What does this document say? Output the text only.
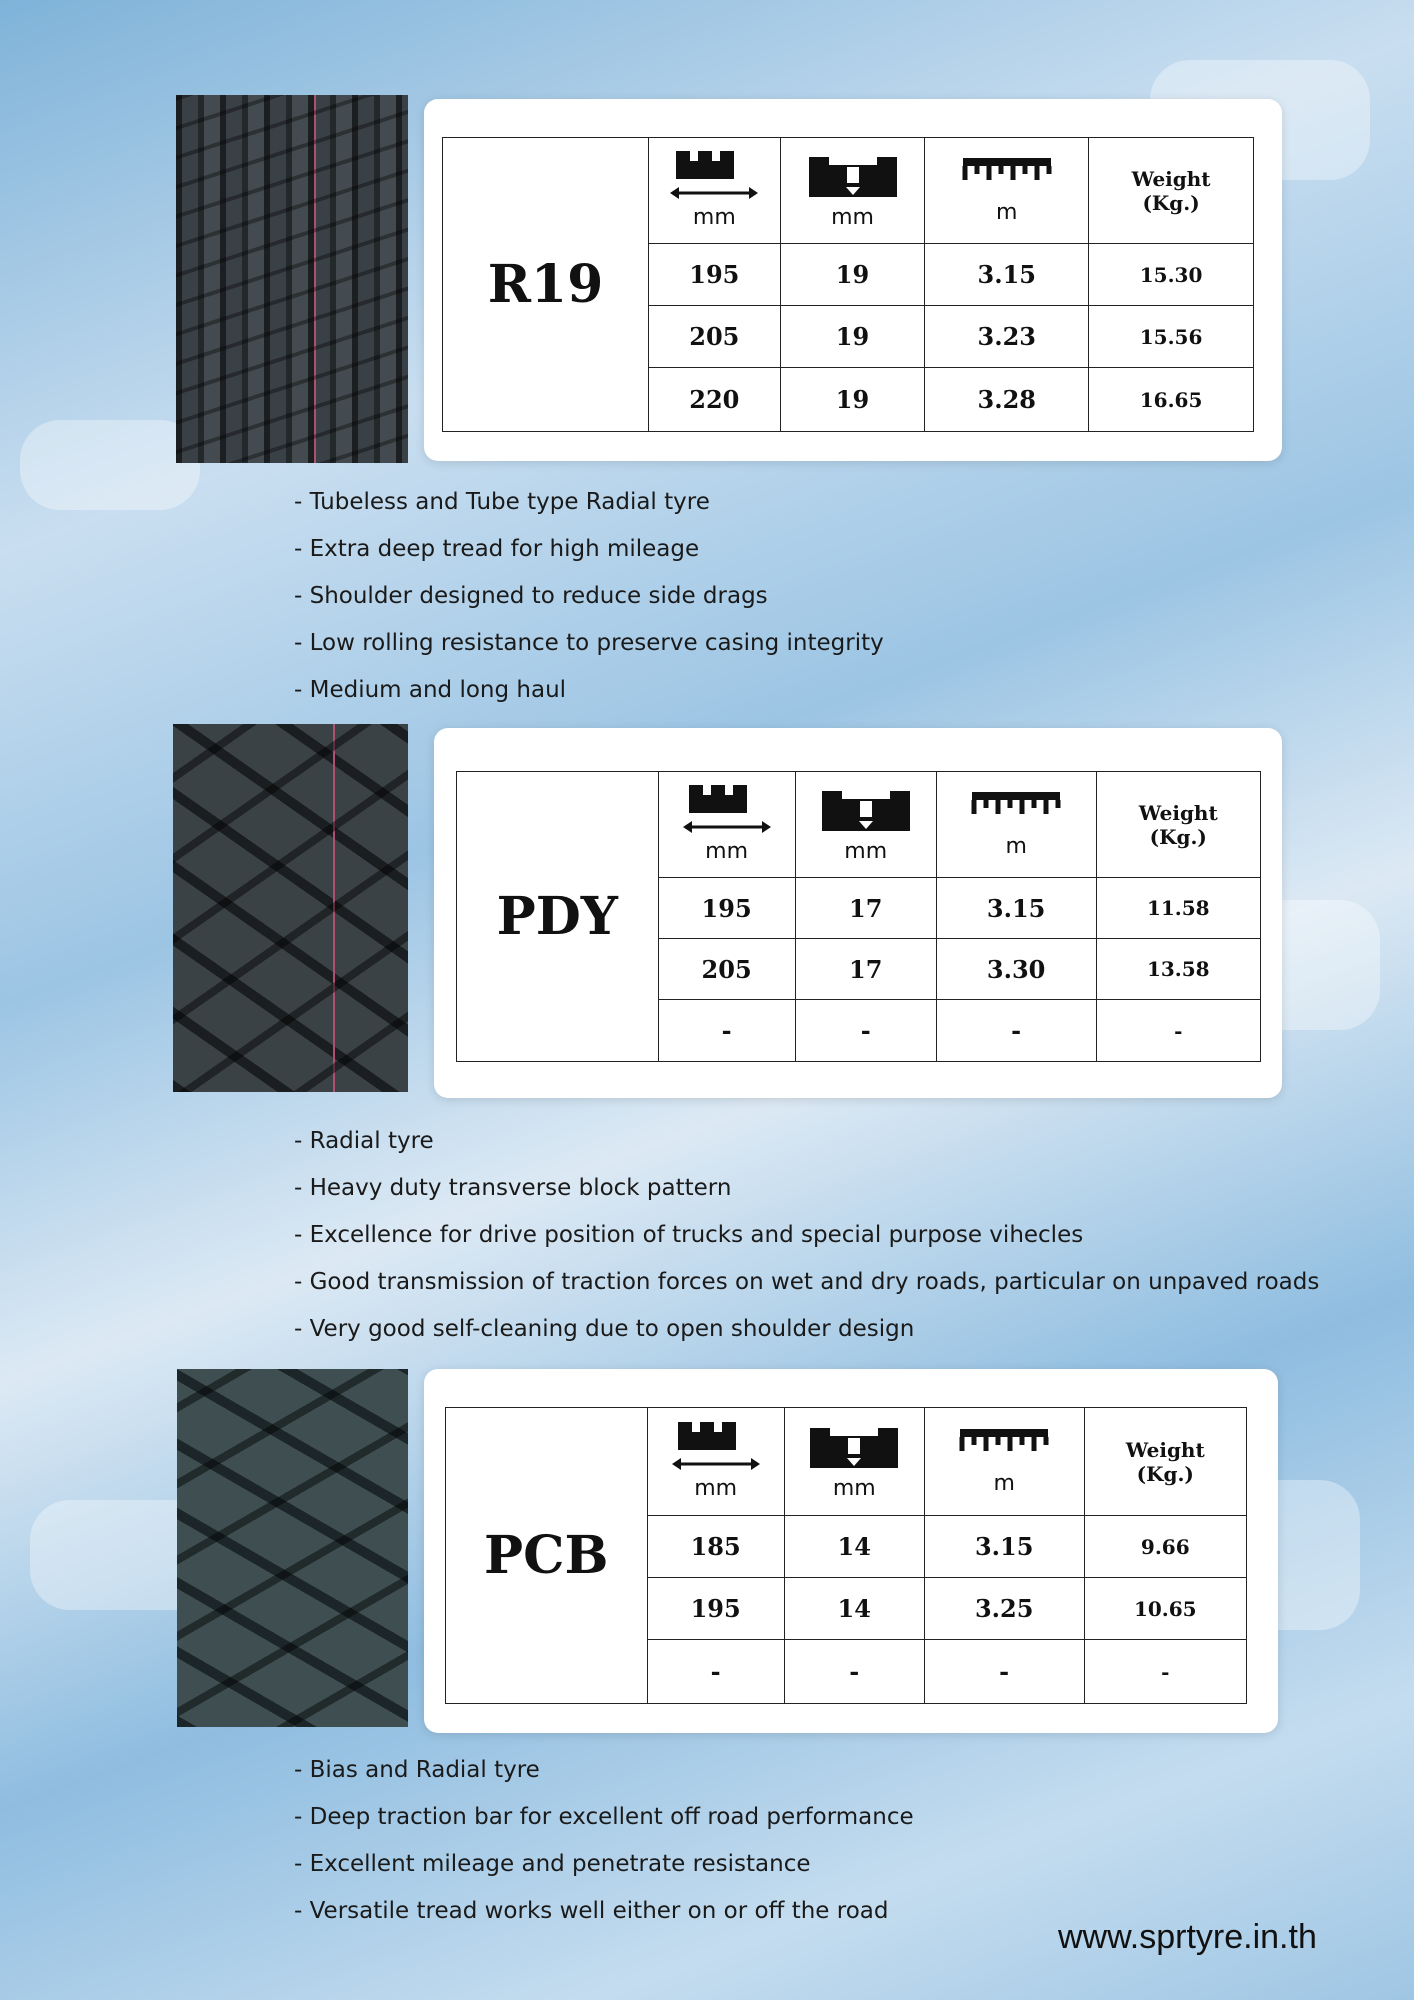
R19	mm	mm	m	Weight
(Kg.)

	195	19	3.15	15.30
	205	19	3.23	15.56
	220	19	3.28	16.65
- Tubeless and Tube type Radial tyre
- Extra deep tread for high mileage
- Shoulder designed to reduce side drags
- Low rolling resistance to preserve casing integrity
- Medium and long haul
PDY	mm	mm	m	Weight
(Kg.)

	195	17	3.15	11.58
	205	17	3.30	13.58
	-	-	-	-
- Radial tyre
- Heavy duty transverse block pattern
- Excellence for drive position of trucks and special purpose vihecles
- Good transmission of traction forces on wet and dry roads, particular on unpaved roads
- Very good self-cleaning due to open shoulder design
PCB	mm	mm	m	Weight
(Kg.)

	185	14	3.15	9.66
	195	14	3.25	10.65
	-	-	-	-
- Bias and Radial tyre
- Deep traction bar for excellent off road performance
- Excellent mileage and penetrate resistance
- Versatile tread works well either on or off the road
www.sprtyre.in.th
